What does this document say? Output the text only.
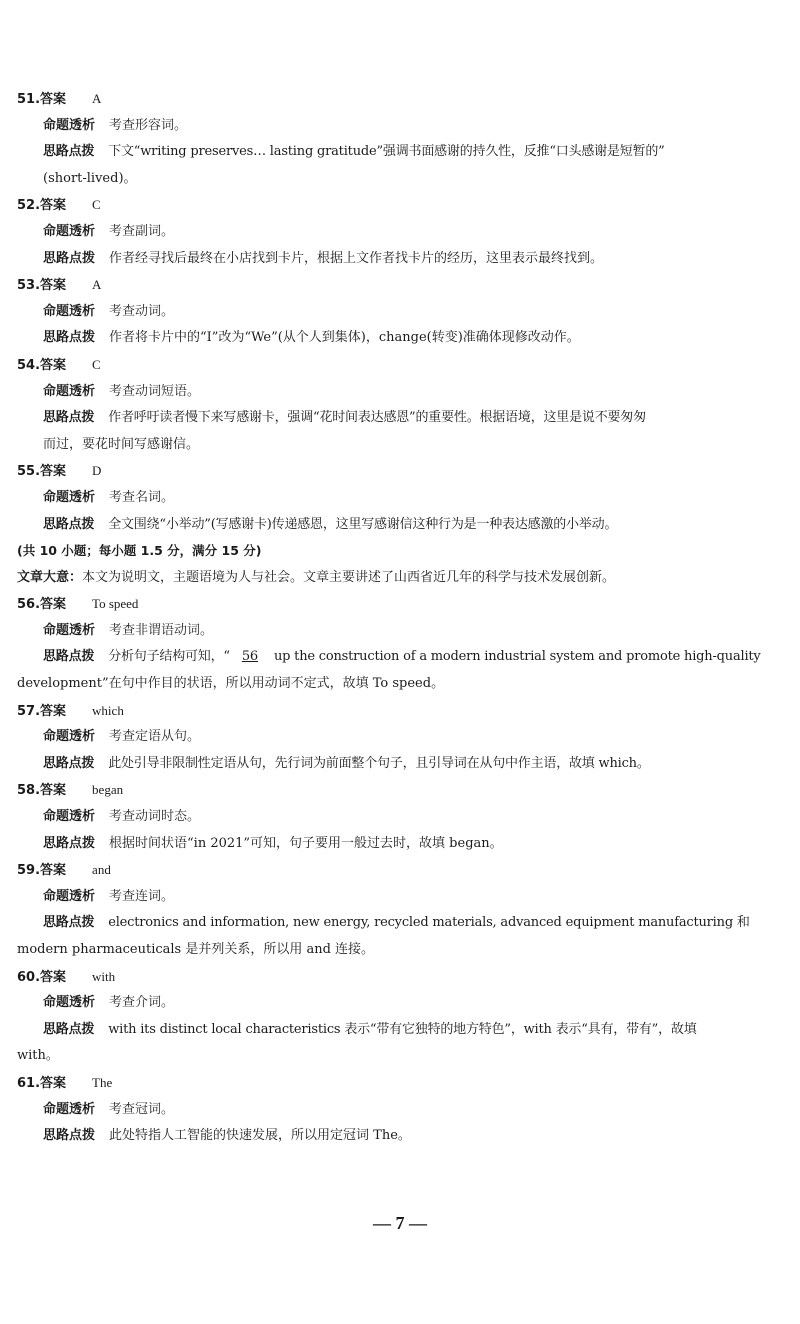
51.答案 A
命题透析 考查形容词。
思路点拨 下文“writing preserves… lasting gratitude”强调书面感谢的持久性，反推“口头感谢是短暂的”
(short-lived)。
52.答案 C
命题透析 考查副词。
思路点拨 作者经寻找后最终在小店找到卡片，根据上文作者找卡片的经历，这里表示最终找到。
53.答案 A
命题透析 考查动词。
思路点拨 作者将卡片中的“I”改为“We”(从个人到集体)，change(转变)准确体现修改动作。
54.答案 C
命题透析 考查动词短语。
思路点拨 作者呼吁读者慢下来写感谢卡，强调“花时间表达感恩”的重要性。根据语境，这里是说不要匆匆
而过，要花时间写感谢信。
55.答案 D
命题透析 考查名词。
思路点拨 全文围绕“小举动”(写感谢卡)传递感恩，这里写感谢信这种行为是一种表达感激的小举动。
(共 10 小题；每小题 1.5 分，满分 15 分)
文章大意：本文为说明文，主题语境为人与社会。文章主要讲述了山西省近几年的科学与技术发展创新。
56.答案 To speed
命题透析 考查非谓语动词。
思路点拨 分析句子结构可知，“ 56 up the construction of a modern industrial system and promote high-quality
development”在句中作目的状语，所以用动词不定式，故填 To speed。
57.答案 which
命题透析 考查定语从句。
思路点拨 此处引导非限制性定语从句，先行词为前面整个句子，且引导词在从句中作主语，故填 which。
58.答案 began
命题透析 考查动词时态。
思路点拨 根据时间状语“in 2021”可知，句子要用一般过去时，故填 began。
59.答案 and
命题透析 考查连词。
思路点拨 electronics and information, new energy, recycled materials, advanced equipment manufacturing 和
modern pharmaceuticals 是并列关系，所以用 and 连接。
60.答案 with
命题透析 考查介词。
思路点拨 with its distinct local characteristics 表示“带有它独特的地方特色”，with 表示“具有，带有”，故填
with。
61.答案 The
命题透析 考查冠词。
思路点拨 此处特指人工智能的快速发展，所以用定冠词 The。
— 7 —
